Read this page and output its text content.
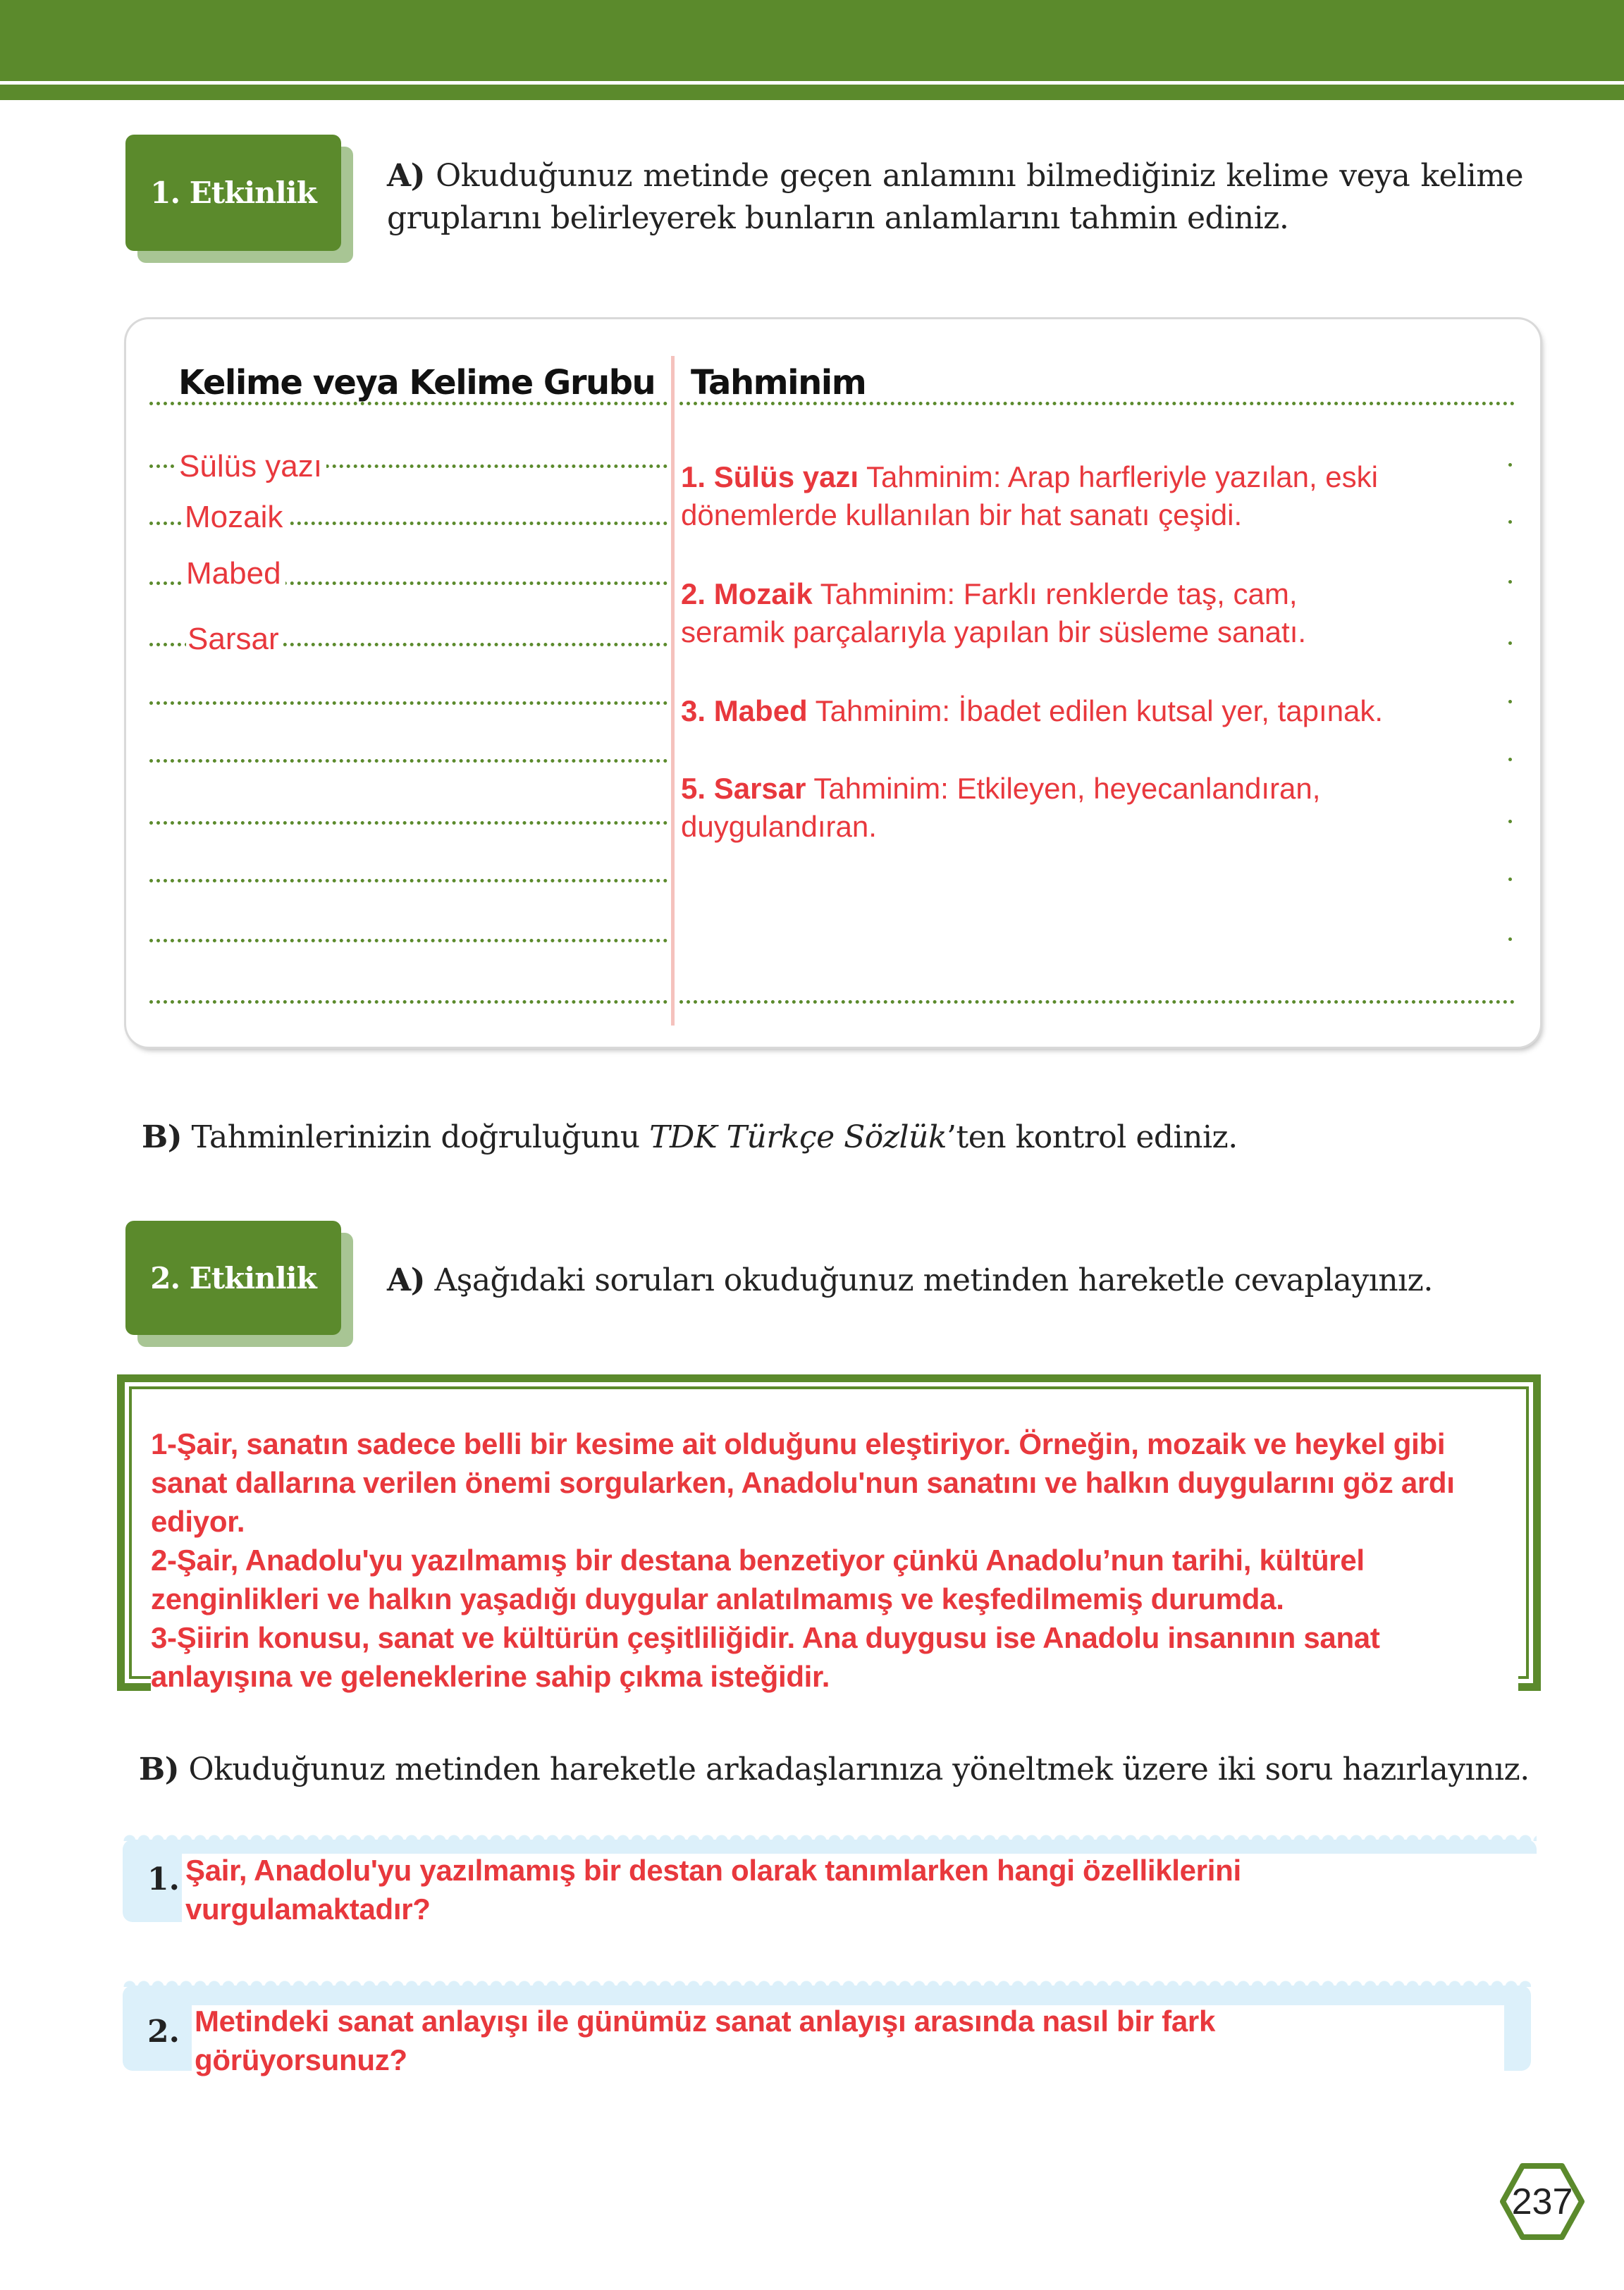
1. Etkinlik A) Okuduğunuz metinde geçen anlamını bilmediğiniz kelime veya kelime gruplarını belirleyerek bunların anlamlarını tahmin ediniz.
Kelime veya Kelime Grubu Tahminim
Sülüs yazı
Mozaik
Mabed
Sarsar
1. Sülüs yazı Tahminim: Arap harfleriyle yazılan, eski dönemlerde kullanılan bir hat sanatı çeşidi.
2. Mozaik Tahminim: Farklı renklerde taş, cam, seramik parçalarıyla yapılan bir süsleme sanatı.
3. Mabed Tahminim: İbadet edilen kutsal yer, tapınak.
5. Sarsar Tahminim: Etkileyen, heyecanlandıran, duygulandıran.
B) Tahminlerinizin doğruluğunu TDK Türkçe Sözlük’ten kontrol ediniz.
2. Etkinlik A) Aşağıdaki soruları okuduğunuz metinden hareketle cevaplayınız.
1-Şair, sanatın sadece belli bir kesime ait olduğunu eleştiriyor. Örneğin, mozaik ve heykel gibi sanat dallarına verilen önemi sorgularken, Anadolu'nun sanatını ve halkın duygularını göz ardı ediyor.
2-Şair, Anadolu'yu yazılmamış bir destana benzetiyor çünkü Anadolu’nun tarihi, kültürel zenginlikleri ve halkın yaşadığı duygular anlatılmamış ve keşfedilmemiş durumda.
3-Şiirin konusu, sanat ve kültürün çeşitliliğidir. Ana duygusu ise Anadolu insanının sanat anlayışına ve geleneklerine sahip çıkma isteğidir.
B) Okuduğunuz metinden hareketle arkadaşlarınıza yöneltmek üzere iki soru hazırlayınız.
1. Şair, Anadolu'yu yazılmamış bir destan olarak tanımlarken hangi özelliklerini vurgulamaktadır?
2. Metindeki sanat anlayışı ile günümüz sanat anlayışı arasında nasıl bir fark görüyorsunuz?
237
